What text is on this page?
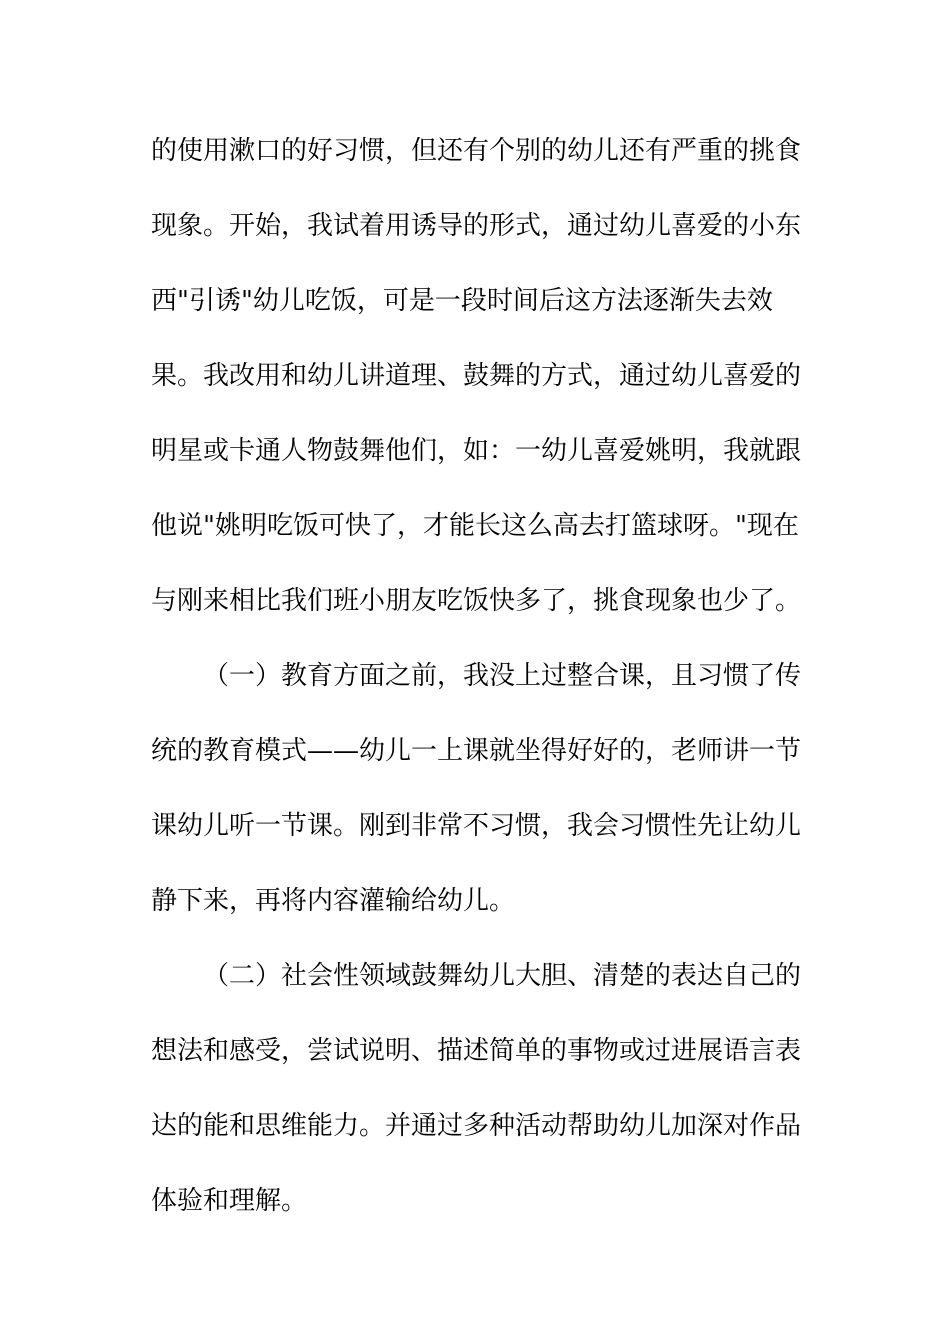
的使用漱口的好习惯，但还有个别的幼儿还有严重的挑食
现象。开始，我试着用诱导的形式，通过幼儿喜爱的小东
西"引诱"幼儿吃饭，可是一段时间后这方法逐渐失去效
果。我改用和幼儿讲道理、鼓舞的方式，通过幼儿喜爱的
明星或卡通人物鼓舞他们，如：一幼儿喜爱姚明，我就跟
他说"姚明吃饭可快了，才能长这么高去打篮球呀。"现在
与刚来相比我们班小朋友吃饭快多了，挑食现象也少了。
（一）教育方面之前，我没上过整合课，且习惯了传
统的教育模式——幼儿一上课就坐得好好的，老师讲一节
课幼儿听一节课。刚到非常不习惯，我会习惯性先让幼儿
静下来，再将内容灌输给幼儿。
（二）社会性领域鼓舞幼儿大胆、清楚的表达自己的
想法和感受，尝试说明、描述简单的事物或过进展语言表
达的能和思维能力。并通过多种活动帮助幼儿加深对作品
体验和理解。
